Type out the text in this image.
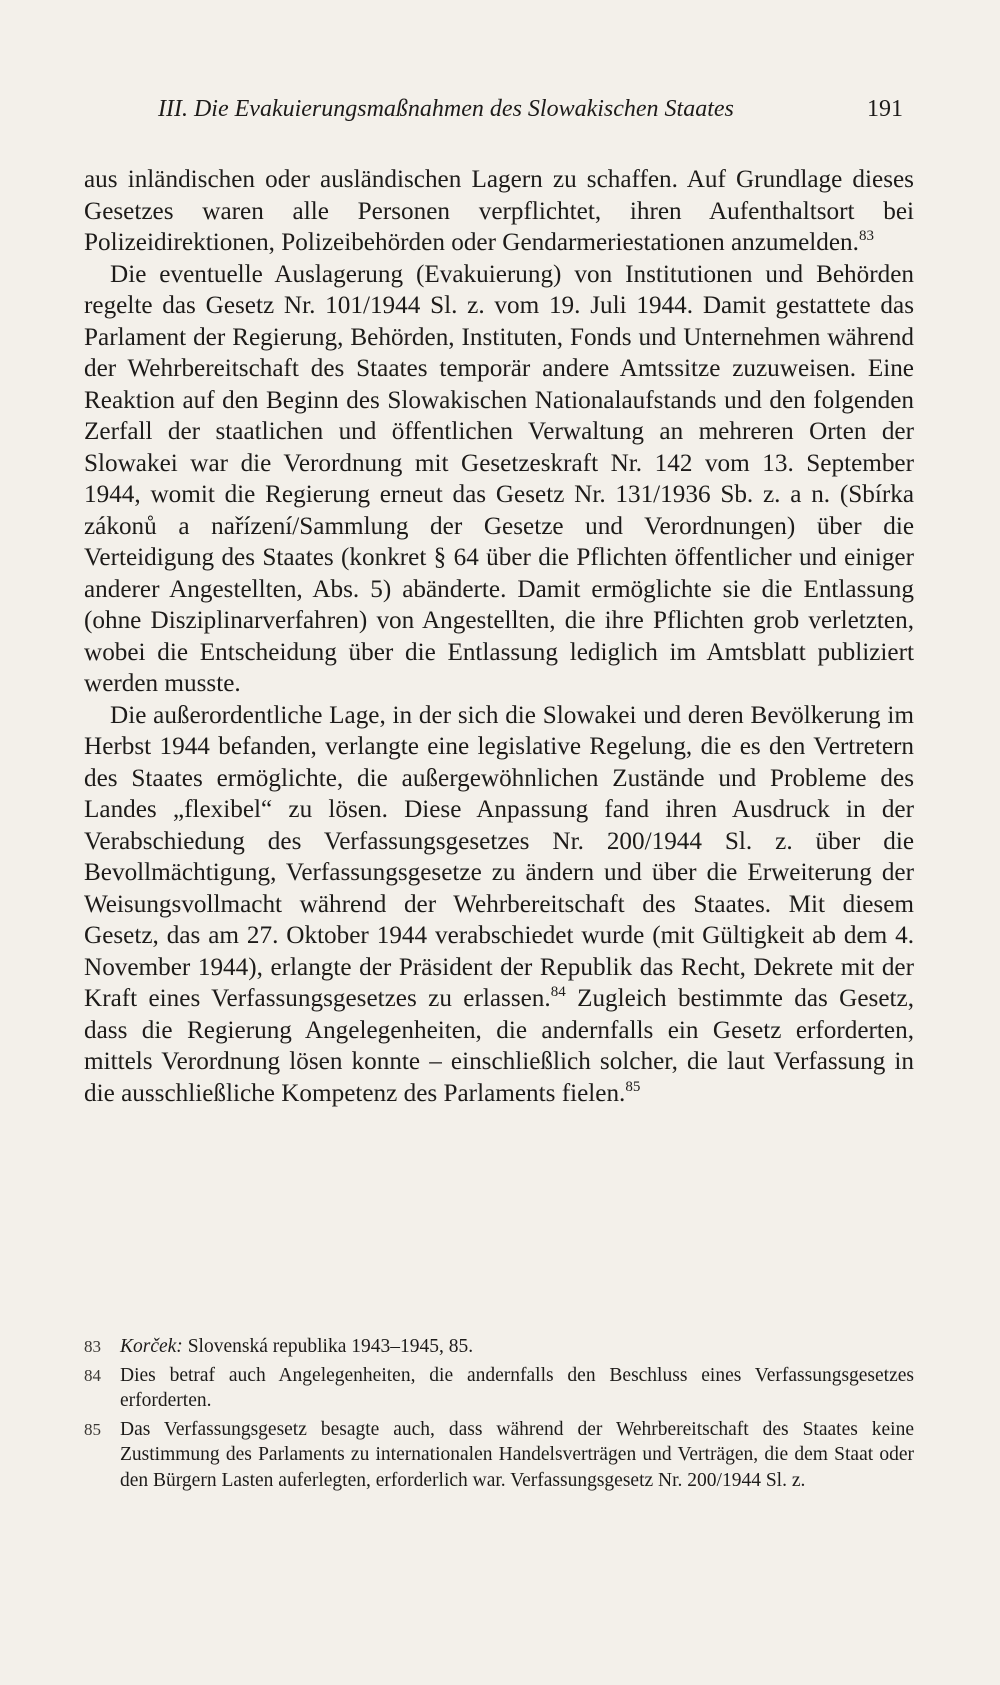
III. Die Evakuierungsmaßnahmen des Slowakischen Staates	191

aus inländischen oder ausländischen Lagern zu schaffen. Auf Grundlage dieses Gesetzes waren alle Personen verpflichtet, ihren Aufenthaltsort bei Polizeidirektionen, Polizeibehörden oder Gendarmeriestationen anzumelden.$^{83}$

Die eventuelle Auslagerung (Evakuierung) von Institutionen und Behörden regelte das Gesetz Nr. 101/1944 Sl. z. vom 19. Juli 1944. Damit gestattete das Parlament der Regierung, Behörden, Instituten, Fonds und Unternehmen während der Wehrbereitschaft des Staates temporär andere Amtssitze zuzuweisen. Eine Reaktion auf den Beginn des Slowakischen Nationalaufstands und den folgenden Zerfall der staatlichen und öffentlichen Verwaltung an mehreren Orten der Slowakei war die Verordnung mit Gesetzeskraft Nr. 142 vom 13. September 1944, womit die Regierung erneut das Gesetz Nr. 131/1936 Sb. z. a n. (Sbírka zákonů a nařízení/Sammlung der Gesetze und Verordnungen) über die Verteidigung des Staates (konkret § 64 über die Pflichten öffentlicher und einiger anderer Angestellten, Abs. 5) abänderte. Damit ermöglichte sie die Entlassung (ohne Disziplinarverfahren) von Angestellten, die ihre Pflichten grob verletzten, wobei die Entscheidung über die Entlassung lediglich im Amtsblatt publiziert werden musste.

Die außerordentliche Lage, in der sich die Slowakei und deren Bevölkerung im Herbst 1944 befanden, verlangte eine legislative Regelung, die es den Vertretern des Staates ermöglichte, die außergewöhnlichen Zustände und Probleme des Landes „flexibel“ zu lösen. Diese Anpassung fand ihren Ausdruck in der Verabschiedung des Verfassungsgesetzes Nr. 200/1944 Sl. z. über die Bevollmächtigung, Verfassungsgesetze zu ändern und über die Erweiterung der Weisungsvollmacht während der Wehrbereitschaft des Staates. Mit diesem Gesetz, das am 27. Oktober 1944 verabschiedet wurde (mit Gültigkeit ab dem 4. November 1944), erlangte der Präsident der Republik das Recht, Dekrete mit der Kraft eines Verfassungsgesetzes zu erlassen.$^{84}$ Zugleich bestimmte das Gesetz, dass die Regierung Angelegenheiten, die andernfalls ein Gesetz erforderten, mittels Verordnung lösen konnte – einschließlich solcher, die laut Verfassung in die ausschließliche Kompetenz des Parlaments fielen.$^{85}$

83 Korček: Slovenská republika 1943–1945, 85.
84 Dies betraf auch Angelegenheiten, die andernfalls den Beschluss eines Verfassungsgesetzes erforderten.
85 Das Verfassungsgesetz besagte auch, dass während der Wehrbereitschaft des Staates keine Zustimmung des Parlaments zu internationalen Handelsverträgen und Verträgen, die dem Staat oder den Bürgern Lasten auferlegten, erforderlich war. Verfassungsgesetz Nr. 200/1944 Sl. z.
